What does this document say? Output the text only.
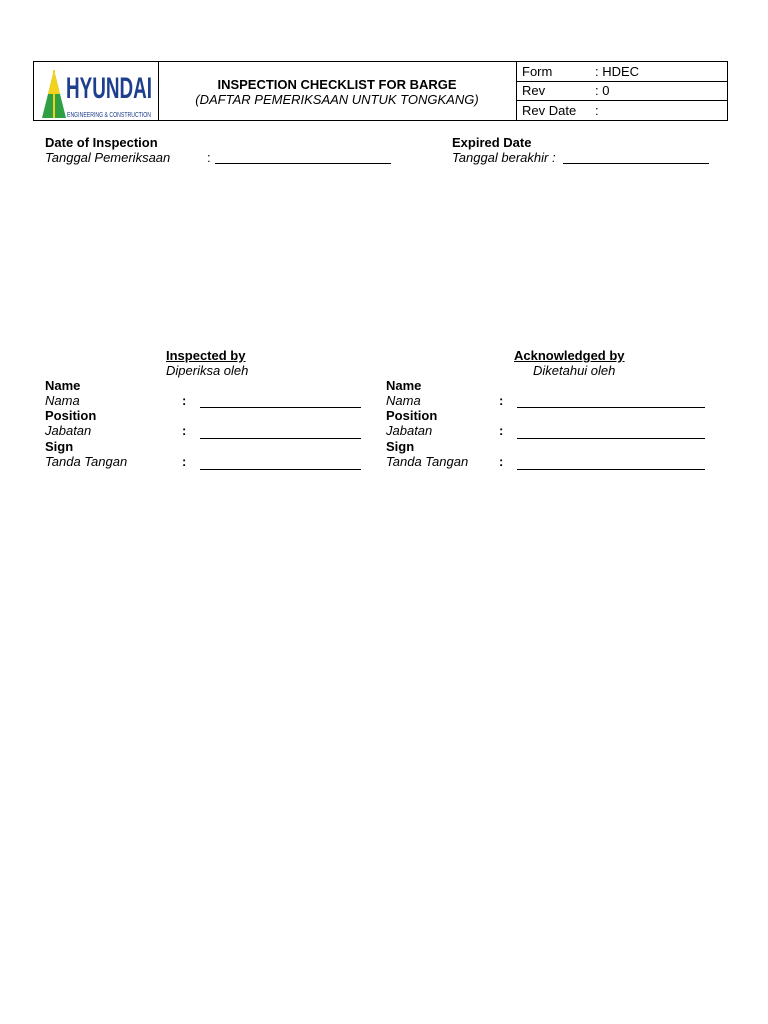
HYUNDAI
ENGINEERING & CONSTRUCTION
INSPECTION CHECKLIST FOR BARGE
(DAFTAR PEMERIKSAAN UNTUK TONGKANG)
Form	: HDEC
Rev	: 0
Rev Date :
Date of Inspection
Tanggal Pemeriksaan	:
Expired Date
Tanggal berakhir :
Inspected by
Diperiksa oleh
Name
Nama	:
Position
Jabatan	:
Sign
Tanda Tangan	:
Acknowledged by
Diketahui oleh
Name
Nama	:
Position
Jabatan	:
Sign
Tanda Tangan :
